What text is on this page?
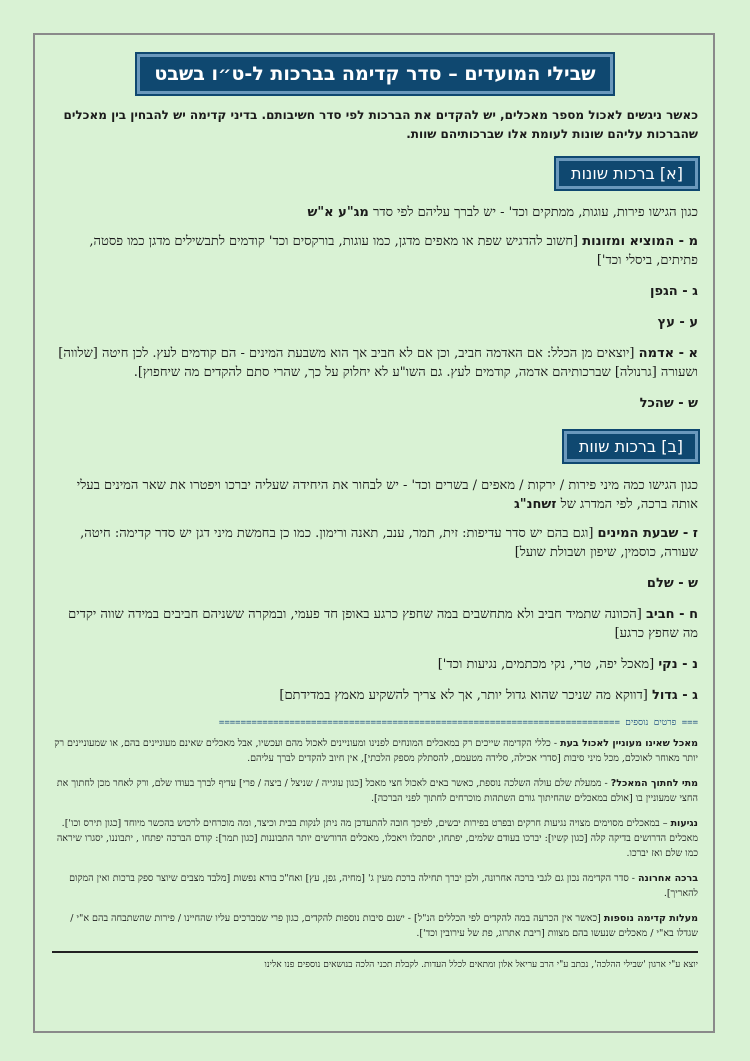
שבילי המועדים – סדר קדימה בברכות ל-ט״ו בשבט
כאשר ניגשים לאכול מספר מאכלים, יש להקדים את הברכות לפי סדר חשיבותם. בדיני קדימה יש להבחין בין מאכלים שהברכות עליהם שונות לעומת אלו שברכותיהם שוות.
[א] ברכות שונות
כגון הגישו פירות, עוגות, ממתקים וכד' - יש לברך עליהם לפי סדר מג"ע א"ש
מ - המוציא ומזונות [חשוב להדגיש שפת או מאפים מדגן, כמו עוגות, בורקסים וכד' קודמים לתבשילים מדגן כמו פסטה, פתיתים, ביסלי וכד']
ג - הגפן
ע - עץ
א - אדמה [יוצאים מן הכלל: אם האדמה חביב, וכן אם לא חביב אך הוא משבעת המינים - הם קודמים לעץ. לכן חיטה [שלווה] ושעורה [גרנולה] שברכותיהם אדמה, קודמים לעץ. גם השו"ע לא יחלוק על כך, שהרי סתם להקדים מה שיחפוץ].
ש - שהכל
[ב] ברכות שוות
כגון הגישו כמה מיני פירות / ירקות / מאפים / בשרים וכד' - יש לבחור את היחידה שעליה יברכו ויפטרו את שאר המינים בעלי אותה ברכה, לפי המדרג של זשחנ"ג
ז - שבעת המינים [וגם בהם יש סדר עדיפות: זית, תמר, ענב, תאנה ורימון. כמו כן בחמשת מיני דגן יש סדר קדימה: חיטה, שעורה, כוסמין, שיפון ושבולת שועל]
ש - שלם
ח - חביב [הכוונה שתמיד חביב ולא מתחשבים במה שחפץ כרגע באופן חד פעמי, ובמקרה ששניהם חביבים במידה שווה יקדים מה שחפץ כרגע]
נ - נקי [מאכל יפה, טרי, נקי מכתמים, נגיעות וכד']
ג - גדול [דווקא מה שניכר שהוא גדול יותר, אך לא צריך להשקיע מאמץ במדידתם]
=== פרטים נוספים ==========================================================================
מאכל שאינו מעוניין לאכול בעת - כללי הקדימה שייכים רק במאכלים המונחים לפנינו ומעוניינים לאכול מהם ועכשיו, אבל מאכלים שאינם מעוניינים בהם, או שמעוניינים רק יותר מאוחר לאוכלם, מכל מיני סיבות [סדרי אכילה, סלידה מטעמם, להסתלק מספק הלכתי], אין חיוב להקדים לברך עליהם.
מתי לחתוך המאכל? - ממעלת שלם עולה השלכה נוספת, כאשר באים לאכול חצי מאכל [כגון עוגייה / שניצל / ביצה / פרי] עדיף לברך בעודו שלם, ורק לאחר מכן לחתוך את החצי שמעוניין בו [אולם במאכלים שהחיתוך גורם השתהות מוכרחים לחתוך לפני הברכה].
נגיעות – במאכלים מסוימים מצויה נגיעות חרקים ובפרט בפירות יבשים, לפיכך חובה להתעדכן מה ניתן לנקות בבית וכיצד, ומה מוכרחים לרכוש בהכשר מיוחד [כגון תירס וכו']. מאכלים הדרושים בדיקה קלה [כגון קשיו]: יברכו בעודם שלמים, יפתחו, יסתכלו ויאכלו, מאכלים הדורשים יותר התבוננות [כגון תמר]: קודם הברכה יפתחו , יתבוננו, יסגרו שיראה כמו שלם ואז יברכו.
ברכה אחרונה - סדר הקדימה נכון גם לגבי ברכה אחרונה, ולכן יברך תחילה ברכת מעין ג' [מחיה, גפן, עץ] ואח"כ בורא נפשות [מלבד מצבים שיוצר ספק ברכות ואין המקום להאריך].
מעלות קדימה נוספות [כאשר אין הכרעה במה להקדים לפי הכללים הנ"ל] - ישנם סיבות נוספות להקדים, כגון פרי שמברכים עליו שהחיינו / פירות שהשתבחה בהם א"י / שגדלו בא"י / מאכלים שנעשו בהם מצוות [ריבת אתרוג, פת של עירובין וכד'].
יוצא ע"י ארגון 'שבילי ההלכה', נכתב ע"י הרב עריאל אלון ומתאים לכלל העדות. לקבלת תכני הלכה בנושאים נוספים פנו אלינו
